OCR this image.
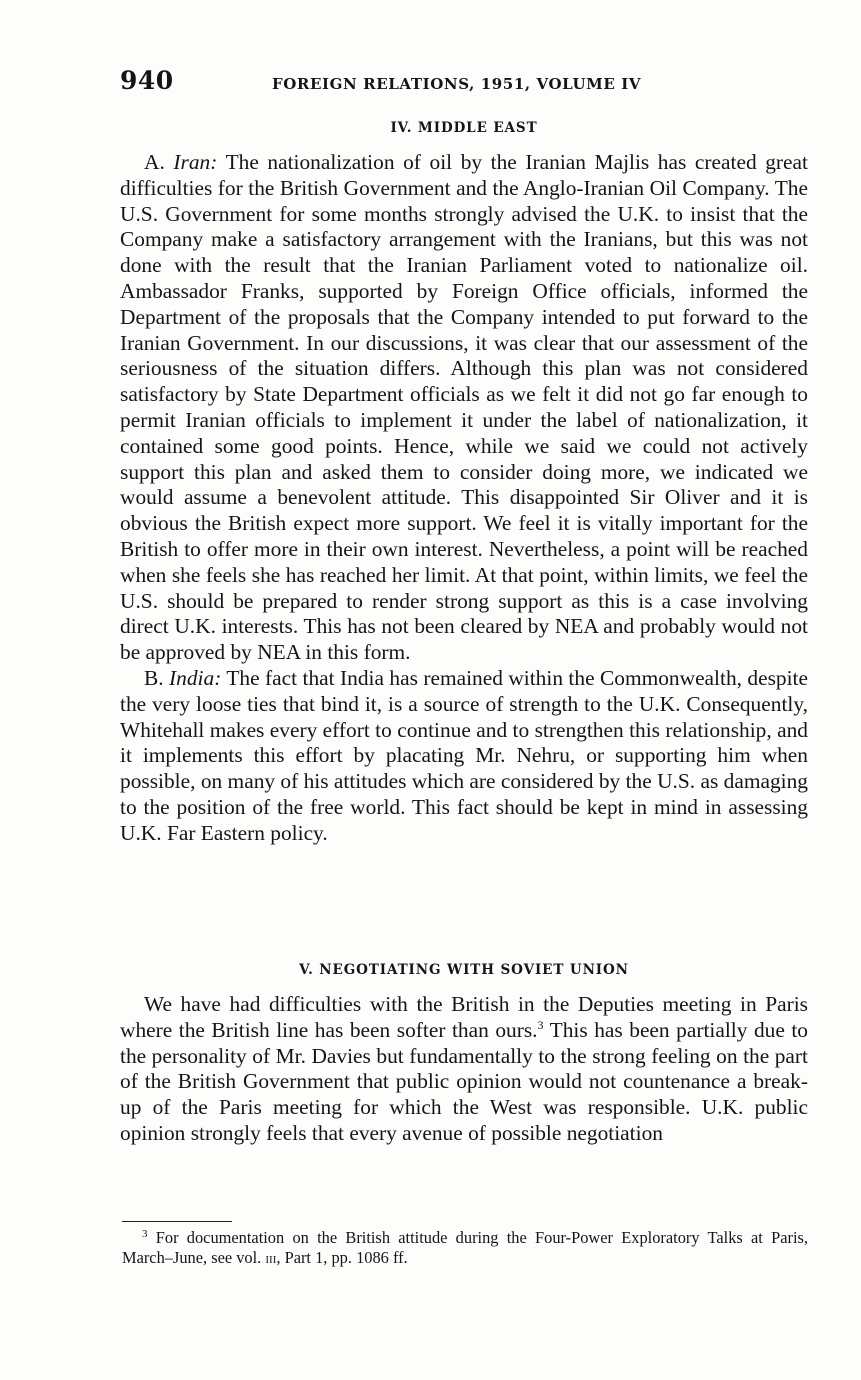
940	FOREIGN RELATIONS, 1951, VOLUME IV
IV. MIDDLE EAST

A. Iran: The nationalization of oil by the Iranian Majlis has created great difficulties for the British Government and the Anglo-Iranian Oil Company. The U.S. Government for some months strongly advised the U.K. to insist that the Company make a satisfactory arrangement with the Iranians, but this was not done with the result that the Iranian Parliament voted to nationalize oil. Ambassador Franks, supported by Foreign Office officials, informed the Department of the proposals that the Company intended to put forward to the Iranian Government. In our discussions, it was clear that our assessment of the seriousness of the situation differs. Although this plan was not considered satisfactory by State Department officials as we felt it did not go far enough to permit Iranian officials to implement it under the label of nationalization, it contained some good points. Hence, while we said we could not actively support this plan and asked them to consider doing more, we indicated we would assume a benevolent attitude. This disappointed Sir Oliver and it is obvious the British expect more support. We feel it is vitally important for the British to offer more in their own interest. Nevertheless, a point will be reached when she feels she has reached her limit. At that point, within limits, we feel the U.S. should be prepared to render strong support as this is a case involving direct U.K. interests. This has not been cleared by NEA and probably would not be approved by NEA in this form.

B. India: The fact that India has remained within the Commonwealth, despite the very loose ties that bind it, is a source of strength to the U.K. Consequently, Whitehall makes every effort to continue and to strengthen this relationship, and it implements this effort by placating Mr. Nehru, or supporting him when possible, on many of his attitudes which are considered by the U.S. as damaging to the position of the free world. This fact should be kept in mind in assessing U.K. Far Eastern policy.

V. NEGOTIATING WITH SOVIET UNION

We have had difficulties with the British in the Deputies meeting in Paris where the British line has been softer than ours.$^3$ This has been partially due to the personality of Mr. Davies but fundamentally to the strong feeling on the part of the British Government that public opinion would not countenance a break-up of the Paris meeting for which the West was responsible. U.K. public opinion strongly feels that every avenue of possible negotiation

$^3$ For documentation on the British attitude during the Four-Power Exploratory Talks at Paris, March–June, see vol. iii, Part 1, pp. 1086 ff.
